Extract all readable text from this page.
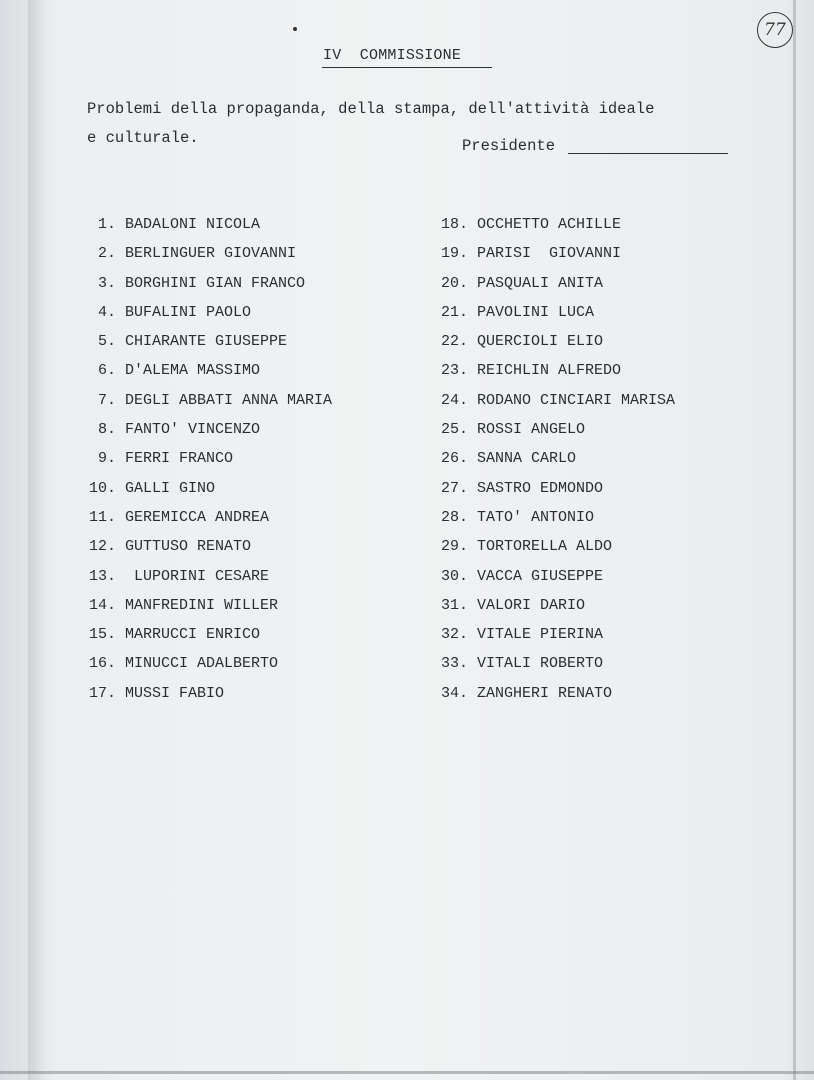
77
IV  COMMISSIONE
Problemi della propaganda, della stampa, dell'attività ideale
e culturale.	Presidente
1. BADALONI NICOLA
2. BERLINGUER GIOVANNI
3. BORGHINI GIAN FRANCO
4. BUFALINI PAOLO
5. CHIARANTE GIUSEPPE
6. D'ALEMA MASSIMO
7. DEGLI ABBATI ANNA MARIA
8. FANTO' VINCENZO
9. FERRI FRANCO
10. GALLI GINO
11. GEREMICCA ANDREA
12. GUTTUSO RENATO
13. LUPORINI CESARE
14. MANFREDINI WILLER
15. MARRUCCI ENRICO
16. MINUCCI ADALBERTO
17. MUSSI FABIO
18. OCCHETTO ACHILLE
19. PARISI  GIOVANNI
20. PASQUALI ANITA
21. PAVOLINI LUCA
22. QUERCIOLI ELIO
23. REICHLIN ALFREDO
24. RODANO CINCIARI MARISA
25. ROSSI ANGELO
26. SANNA CARLO
27. SASTRO EDMONDO
28. TATO' ANTONIO
29. TORTORELLA ALDO
30. VACCA GIUSEPPE
31. VALORI DARIO
32. VITALE PIERINA
33. VITALI ROBERTO
34. ZANGHERI RENATO
